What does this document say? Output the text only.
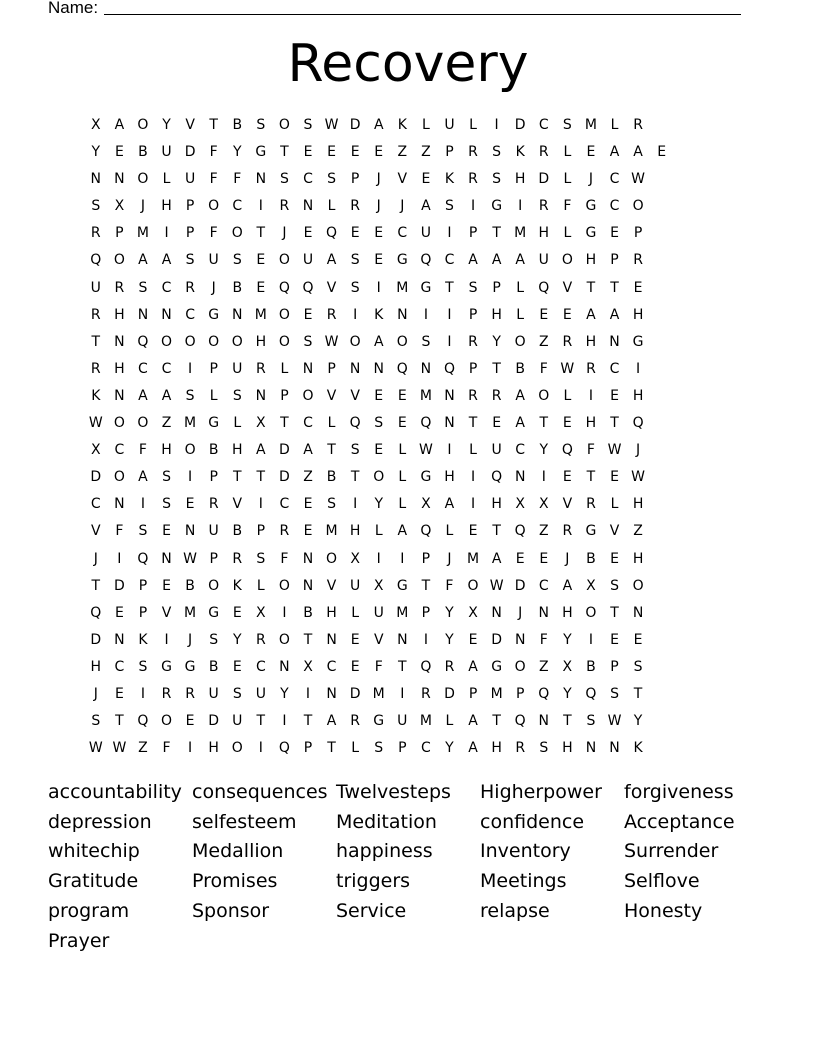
Name:
Recovery
X	A O Y	V	T	B	S O S W D A	K	L	U	L	I	D C	S M L	R
Y	E	B U D	F	Y G T	E	E	E	E	Z Z	P	R	S	K	R	L	E	A	A	E
N N O	L	U	F	F	N S	C	S	P	J	V	E	K	R	S H D	L	J	C W
S	X	J	H	P O C	I	R N	L	R	J	J	A	S	I	G	I	R	F	G C O
R	P M	I	P	F	O T	J	E Q E	E	C U	I	P	T M H	L	G E	P
Q O A	A	S	U	S	E O U A	S	E G Q C A	A	A U O H	P	R
U R	S	C R	J	B	E Q Q V	S	I	M G T	S	P	L	Q V	T	T	E
R H N N C G N M O E	R	I	K N	I	I	P	H	L	E	E	A	A H
T	N Q O O O O H O S W O A O S	I	R	Y O Z R H N G
R H C C	I	P	U R	L	N	P	N N Q N Q P	T	B	F W R C	I
K N A	A	S	L	S N	P O V	V	E	E M N R R A O	L	I	E H
W O O Z M G	L	X	T	C	L	Q S	E Q N	T	E	A	T	E H	T Q
X C	F	H O B H A D A	T	S	E	L W	I	L	U C	Y Q	F W	J
D O A	S	I	P	T	T D Z B	T O	L	G H	I	Q N	I	E	T	E W
C N	I	S	E	R V	I	C	E	S	I	Y	L	X	A	I	H X X	V R	L	H
V	F	S	E N U B	P	R	E M H	L	A Q	L	E	T Q Z R G V Z
J	I	Q N W P	R	S	F	N O X	I	I	P	J	M A	E	E	J	B	E H
T D P	E	B O K	L	O N V U X G T	F	O W D C A X	S O
Q E	P	V M G E	X	I	B H	L	U M P	Y	X N	J	N H O T	N
D N K	I	J	S	Y	R O T	N E	V N	I	Y	E D N	F	Y	I	E	E
H C	S G G B	E	C N X C	E	F	T Q R A G O Z X B	P	S
J	E	I	R R U	S	U	Y	I	N D M	I	R D P M P Q Y Q S	T
S	T Q O E D U	T	I	T	A R G U M L	A	T Q N	T	S W Y
W W Z	F	I	H O	I	Q P	T	L	S	P	C	Y	A H R	S H N N K
accountability consequences Twelvesteps	Higherpower	forgiveness
depression	selfesteem	Meditation	confidence	Acceptance
whitechip	Medallion	happiness	Inventory	Surrender
Gratitude	Promises	triggers	Meetings	Selflove
program	Sponsor	Service	relapse	Honesty
Prayer
